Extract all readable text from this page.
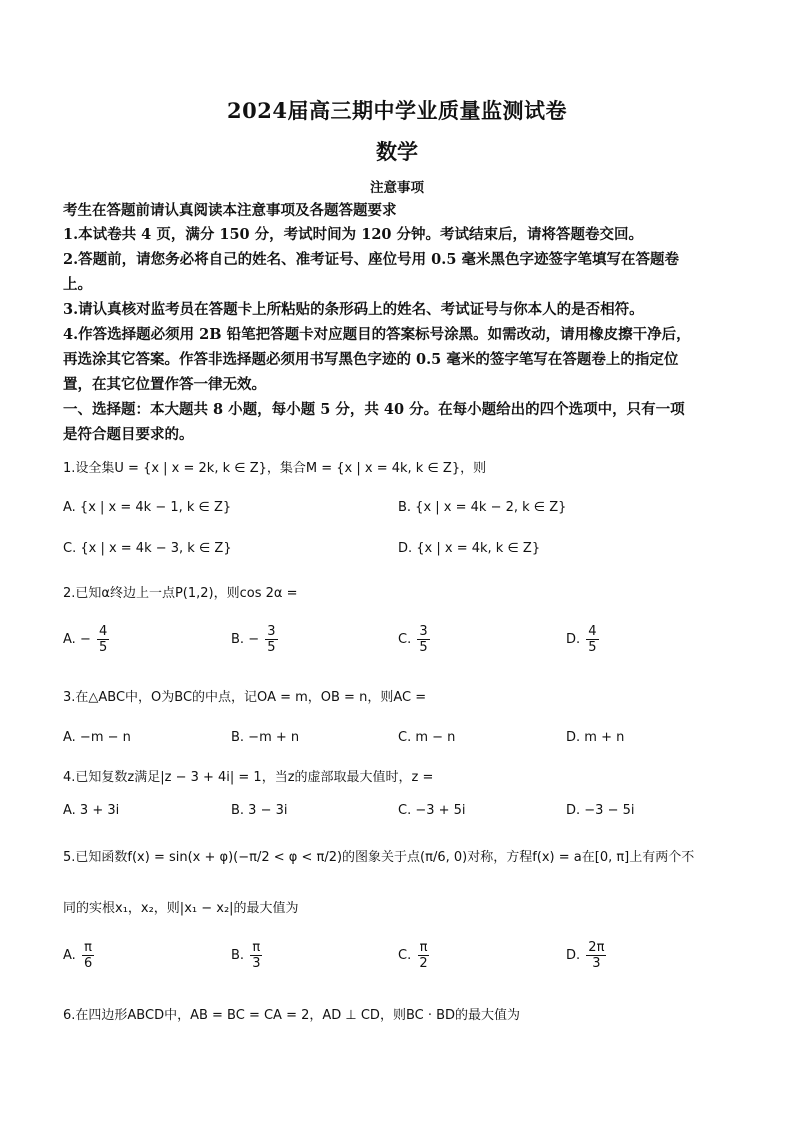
2024届高三期中学业质量监测试卷
数学
注意事项
考生在答题前请认真阅读本注意事项及各题答题要求
1.本试卷共 4 页，满分 150 分，考试时间为 120 分钟。考试结束后，请将答题卷交回。
2.答题前，请您务必将自己的姓名、准考证号、座位号用 0.5 毫米黑色字迹签字笔填写在答题卷
上。
3.请认真核对监考员在答题卡上所粘贴的条形码上的姓名、考试证号与你本人的是否相符。
4.作答选择题必须用 2B 铅笔把答题卡对应题目的答案标号涂黑。如需改动，请用橡皮擦干净后，
再选涂其它答案。作答非选择题必须用书写黑色字迹的 0.5 毫米的签字笔写在答题卷上的指定位
置，在其它位置作答一律无效。
一、选择题：本大题共 8 小题，每小题 5 分，共 40 分。在每小题给出的四个选项中，只有一项
是符合题目要求的。
1.设全集U = {x | x = 2k, k ∈ Z}，集合M = {x | x = 4k, k ∈ Z}，则
A. {x | x = 4k − 1, k ∈ Z}	B. {x | x = 4k − 2, k ∈ Z}
C. {x | x = 4k − 3, k ∈ Z}	D. {x | x = 4k, k ∈ Z}
2.已知α终边上一点P(1,2)，则cos 2α =
A. − $\frac{4}{5}$	B. − $\frac{3}{5}$	C. $\frac{3}{5}$	D. $\frac{4}{5}$
3.在△ABC中，O为BC的中点，记OA = m，OB = n，则AC =
A. −m − n	B. −m + n	C. m − n	D. m + n
4.已知复数z满足|z − 3 + 4i| = 1，当z的虚部取最大值时，z =
A. 3 + 3i	B. 3 − 3i	C. −3 + 5i	D. −3 − 5i
5.已知函数f(x) = sin(x + φ)(−π/2 < φ < π/2)的图象关于点(π/6, 0)对称，方程f(x) = a在[0, π]上有两个不
同的实根x₁，x₂，则|x₁ − x₂|的最大值为
A. $\frac{\pi}{6}$	B. $\frac{\pi}{3}$	C. $\frac{\pi}{2}$	D. $\frac{2\pi}{3}$
6.在四边形ABCD中，AB = BC = CA = 2，AD ⊥ CD，则BC · BD的最大值为
